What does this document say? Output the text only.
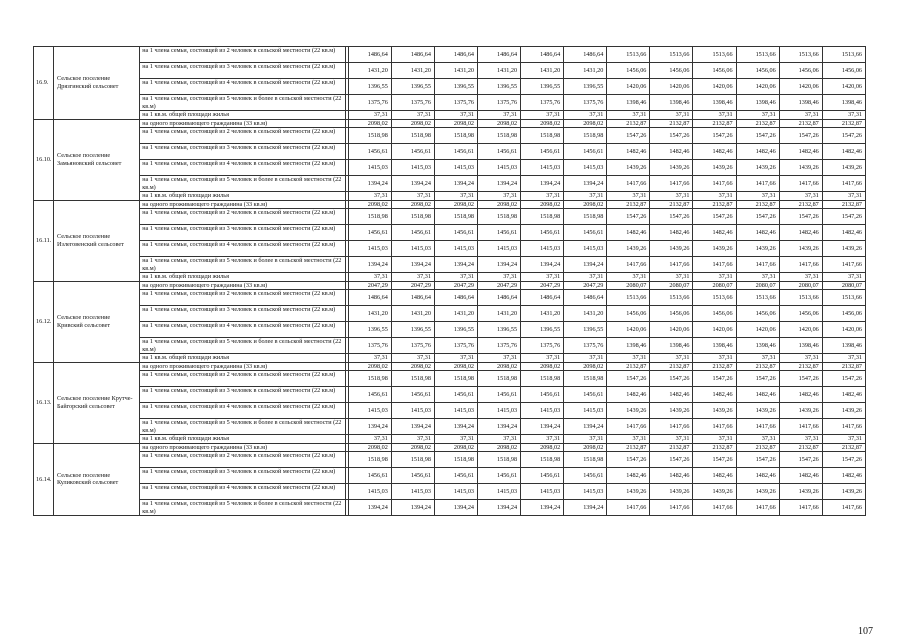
16.9.	Сельское поселение Дрязгинский сельсовет	на 1 члена семьи, состоящей из 2 человек в сельской местности (22 кв.м)		1486,64	1486,64	1486,64	1486,64	1486,64	1486,64	1513,66	1513,66	1513,66	1513,66	1513,66	1513,66
		на 1 члена семьи, состоящей из 3 человек в сельской местности (22 кв.м)		1431,20	1431,20	1431,20	1431,20	1431,20	1431,20	1456,06	1456,06	1456,06	1456,06	1456,06	1456,06
		на 1 члена семьи, состоящей из 4 человек в сельской местности (22 кв.м)		1396,55	1396,55	1396,55	1396,55	1396,55	1396,55	1420,06	1420,06	1420,06	1420,06	1420,06	1420,06
		на 1 члена семьи, состоящей из 5 человек и более в сельской местности (22 кв.м)		1375,76	1375,76	1375,76	1375,76	1375,76	1375,76	1398,46	1398,46	1398,46	1398,46	1398,46	1398,46
		на 1 кв.м. общей площади жилья		37,31	37,31	37,31	37,31	37,31	37,31	37,31	37,31	37,31	37,31	37,31	37,31
16.10.	Сельское поселение Замьяновский сельсовет	на одного проживающего гражданина (33 кв.м)		2098,02	2098,02	2098,02	2098,02	2098,02	2098,02	2132,87	2132,87	2132,87	2132,87	2132,87	2132,87
		на 1 члена семьи, состоящей из 2 человек в сельской местности (22 кв.м)		1518,98	1518,98	1518,98	1518,98	1518,98	1518,98	1547,26	1547,26	1547,26	1547,26	1547,26	1547,26
		на 1 члена семьи, состоящей из 3 человек в сельской местности (22 кв.м)		1456,61	1456,61	1456,61	1456,61	1456,61	1456,61	1482,46	1482,46	1482,46	1482,46	1482,46	1482,46
		на 1 члена семьи, состоящей из 4 человек в сельской местности (22 кв.м)		1415,03	1415,03	1415,03	1415,03	1415,03	1415,03	1439,26	1439,26	1439,26	1439,26	1439,26	1439,26
		на 1 члена семьи, состоящей из 5 человек и более в сельской местности (22 кв.м)		1394,24	1394,24	1394,24	1394,24	1394,24	1394,24	1417,66	1417,66	1417,66	1417,66	1417,66	1417,66
		на 1 кв.м. общей площади жилья		37,31	37,31	37,31	37,31	37,31	37,31	37,31	37,31	37,31	37,31	37,31	37,31
16.11.	Сельское поселение Излеговенский сельсовет	на одного проживающего гражданина (33 кв.м)		2098,02	2098,02	2098,02	2098,02	2098,02	2098,02	2132,87	2132,87	2132,87	2132,87	2132,87	2132,87
		на 1 члена семьи, состоящей из 2 человек в сельской местности (22 кв.м)		1518,98	1518,98	1518,98	1518,98	1518,98	1518,98	1547,26	1547,26	1547,26	1547,26	1547,26	1547,26
		на 1 члена семьи, состоящей из 3 человек в сельской местности (22 кв.м)		1456,61	1456,61	1456,61	1456,61	1456,61	1456,61	1482,46	1482,46	1482,46	1482,46	1482,46	1482,46
		на 1 члена семьи, состоящей из 4 человек в сельской местности (22 кв.м)		1415,03	1415,03	1415,03	1415,03	1415,03	1415,03	1439,26	1439,26	1439,26	1439,26	1439,26	1439,26
		на 1 члена семьи, состоящей из 5 человек и более в сельской местности (22 кв.м)		1394,24	1394,24	1394,24	1394,24	1394,24	1394,24	1417,66	1417,66	1417,66	1417,66	1417,66	1417,66
		на 1 кв.м. общей площади жилья		37,31	37,31	37,31	37,31	37,31	37,31	37,31	37,31	37,31	37,31	37,31	37,31
16.12.	Сельское поселение Кривский сельсовет	на одного проживающего гражданина (33 кв.м)		2047,29	2047,29	2047,29	2047,29	2047,29	2047,29	2080,07	2080,07	2080,07	2080,07	2080,07	2080,07
		на 1 члена семьи, состоящей из 2 человек в сельской местности (22 кв.м)		1486,64	1486,64	1486,64	1486,64	1486,64	1486,64	1513,66	1513,66	1513,66	1513,66	1513,66	1513,66
		на 1 члена семьи, состоящей из 3 человек в сельской местности (22 кв.м)		1431,20	1431,20	1431,20	1431,20	1431,20	1431,20	1456,06	1456,06	1456,06	1456,06	1456,06	1456,06
		на 1 члена семьи, состоящей из 4 человек в сельской местности (22 кв.м)		1396,55	1396,55	1396,55	1396,55	1396,55	1396,55	1420,06	1420,06	1420,06	1420,06	1420,06	1420,06
		на 1 члена семьи, состоящей из 5 человек и более в сельской местности (22 кв.м)		1375,76	1375,76	1375,76	1375,76	1375,76	1375,76	1398,46	1398,46	1398,46	1398,46	1398,46	1398,46
		на 1 кв.м. общей площади жилья		37,31	37,31	37,31	37,31	37,31	37,31	37,31	37,31	37,31	37,31	37,31	37,31
16.13.	Сельское поселение Крутче-Байгорский сельсовет	на одного проживающего гражданина (33 кв.м)		2098,02	2098,02	2098,02	2098,02	2098,02	2098,02	2132,87	2132,87	2132,87	2132,87	2132,87	2132,87
		на 1 члена семьи, состоящей из 2 человек в сельской местности (22 кв.м)		1518,98	1518,98	1518,98	1518,98	1518,98	1518,98	1547,26	1547,26	1547,26	1547,26	1547,26	1547,26
		на 1 члена семьи, состоящей из 3 человек в сельской местности (22 кв.м)		1456,61	1456,61	1456,61	1456,61	1456,61	1456,61	1482,46	1482,46	1482,46	1482,46	1482,46	1482,46
		на 1 члена семьи, состоящей из 4 человек в сельской местности (22 кв.м)		1415,03	1415,03	1415,03	1415,03	1415,03	1415,03	1439,26	1439,26	1439,26	1439,26	1439,26	1439,26
		на 1 члена семьи, состоящей из 5 человек и более в сельской местности (22 кв.м)		1394,24	1394,24	1394,24	1394,24	1394,24	1394,24	1417,66	1417,66	1417,66	1417,66	1417,66	1417,66
		на 1 кв.м. общей площади жилья		37,31	37,31	37,31	37,31	37,31	37,31	37,31	37,31	37,31	37,31	37,31	37,31
16.14.	Сельское поселение Куликовский сельсовет	на одного проживающего гражданина (33 кв.м)		2098,02	2098,02	2098,02	2098,02	2098,02	2098,02	2132,87	2132,87	2132,87	2132,87	2132,87	2132,87
		на 1 члена семьи, состоящей из 2 человек в сельской местности (22 кв.м)		1518,98	1518,98	1518,98	1518,98	1518,98	1518,98	1547,26	1547,26	1547,26	1547,26	1547,26	1547,26
		на 1 члена семьи, состоящей из 3 человек в сельской местности (22 кв.м)		1456,61	1456,61	1456,61	1456,61	1456,61	1456,61	1482,46	1482,46	1482,46	1482,46	1482,46	1482,46
		на 1 члена семьи, состоящей из 4 человек в сельской местности (22 кв.м)		1415,03	1415,03	1415,03	1415,03	1415,03	1415,03	1439,26	1439,26	1439,26	1439,26	1439,26	1439,26
		на 1 члена семьи, состоящей из 5 человек и более в сельской местности (22 кв.м)		1394,24	1394,24	1394,24	1394,24	1394,24	1394,24	1417,66	1417,66	1417,66	1417,66	1417,66	1417,66
107
